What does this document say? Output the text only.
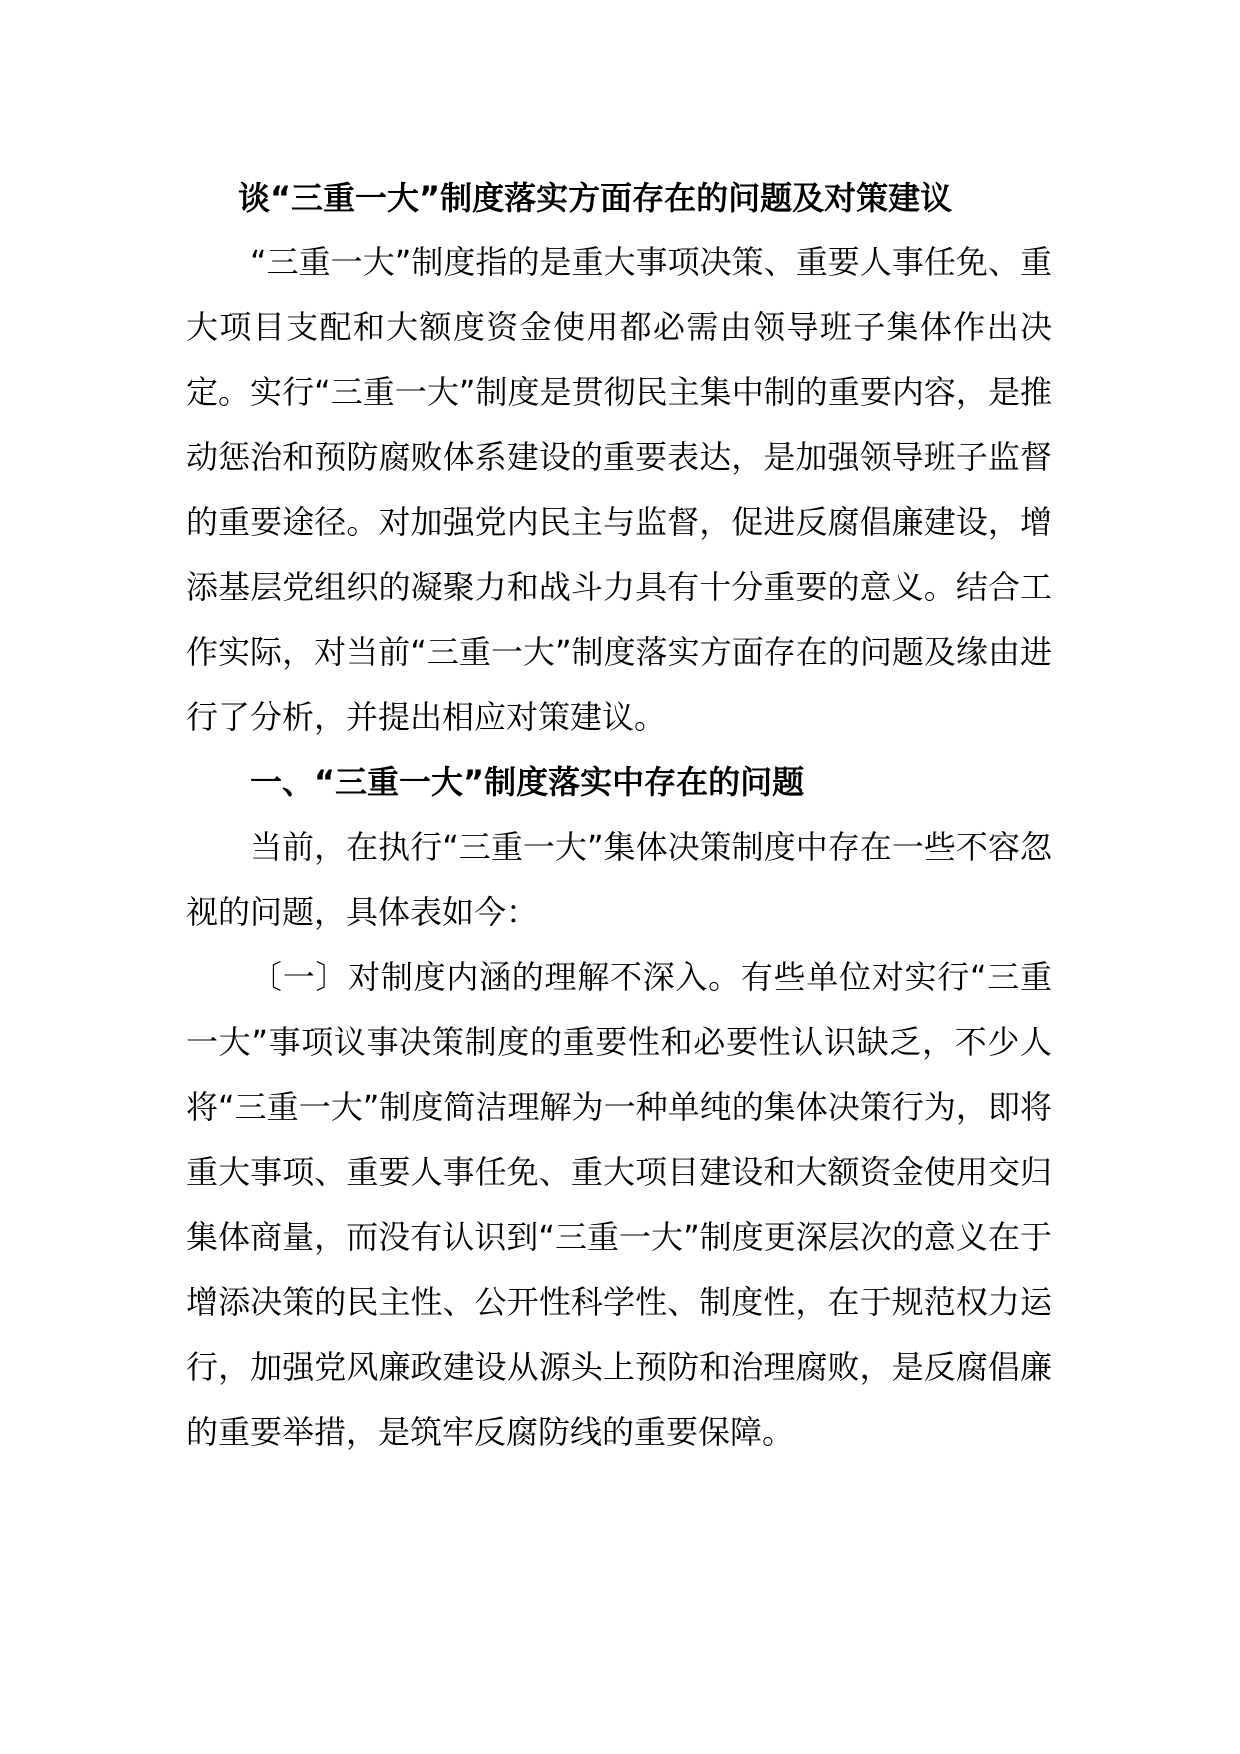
谈“三重一大”制度落实方面存在的问题及对策建议

“三重一大”制度指的是重大事项决策、重要人事任免、重大项目支配和大额度资金使用都必需由领导班子集体作出决定。实行“三重一大”制度是贯彻民主集中制的重要内容，是推动惩治和预防腐败体系建设的重要表达，是加强领导班子监督的重要途径。对加强党内民主与监督，促进反腐倡廉建设，增添基层党组织的凝聚力和战斗力具有十分重要的意义。结合工作实际，对当前“三重一大”制度落实方面存在的问题及缘由进行了分析，并提出相应对策建议。

一、“三重一大”制度落实中存在的问题

当前，在执行“三重一大”集体决策制度中存在一些不容忽视的问题，具体表如今：

〔一〕对制度内涵的理解不深入。有些单位对实行“三重一大”事项议事决策制度的重要性和必要性认识缺乏，不少人将“三重一大”制度简洁理解为一种单纯的集体决策行为，即将重大事项、重要人事任免、重大项目建设和大额资金使用交归集体商量，而没有认识到“三重一大”制度更深层次的意义在于增添决策的民主性、公开性科学性、制度性，在于规范权力运行，加强党风廉政建设从源头上预防和治理腐败，是反腐倡廉的重要举措，是筑牢反腐防线的重要保障。
